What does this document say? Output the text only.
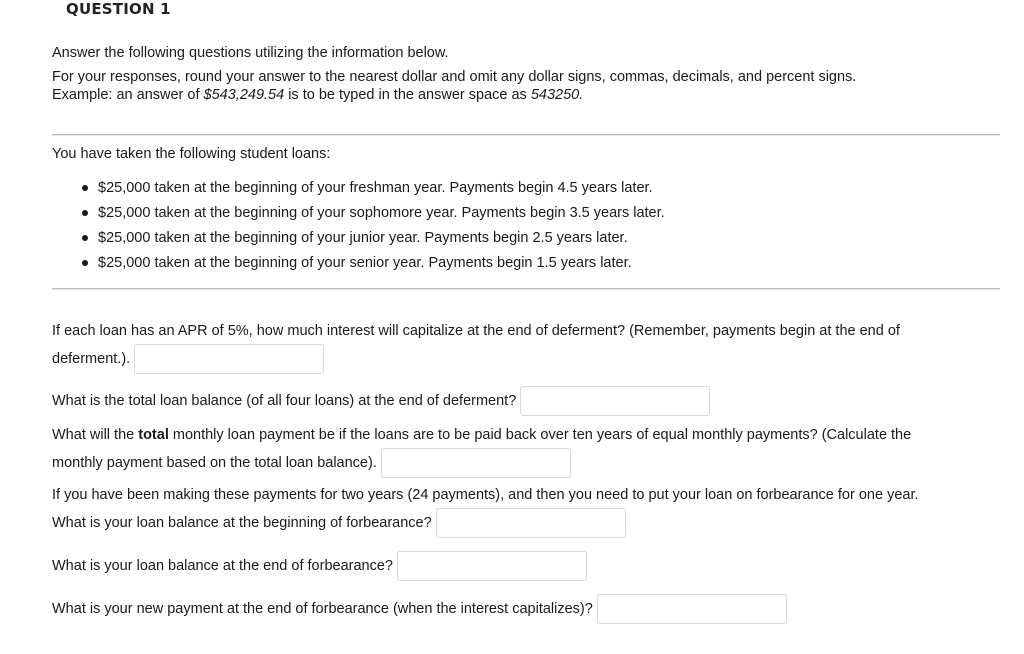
QUESTION 1
Answer the following questions utilizing the information below.
For your responses, round your answer to the nearest dollar and omit any dollar signs, commas, decimals, and percent signs.
Example: an answer of $543,249.54 is to be typed in the answer space as 543250.
You have taken the following student loans:
$25,000 taken at the beginning of your freshman year. Payments begin 4.5 years later.
$25,000 taken at the beginning of your sophomore year. Payments begin 3.5 years later.
$25,000 taken at the beginning of your junior year. Payments begin 2.5 years later.
$25,000 taken at the beginning of your senior year. Payments begin 1.5 years later.
If each loan has an APR of 5%, how much interest will capitalize at the end of deferment? (Remember, payments begin at the end of
deferment.).
What is the total loan balance (of all four loans) at the end of deferment?
What will the total monthly loan payment be if the loans are to be paid back over ten years of equal monthly payments? (Calculate the
monthly payment based on the total loan balance).
If you have been making these payments for two years (24 payments), and then you need to put your loan on forbearance for one year.
What is your loan balance at the beginning of forbearance?
What is your loan balance at the end of forbearance?
What is your new payment at the end of forbearance (when the interest capitalizes)?
